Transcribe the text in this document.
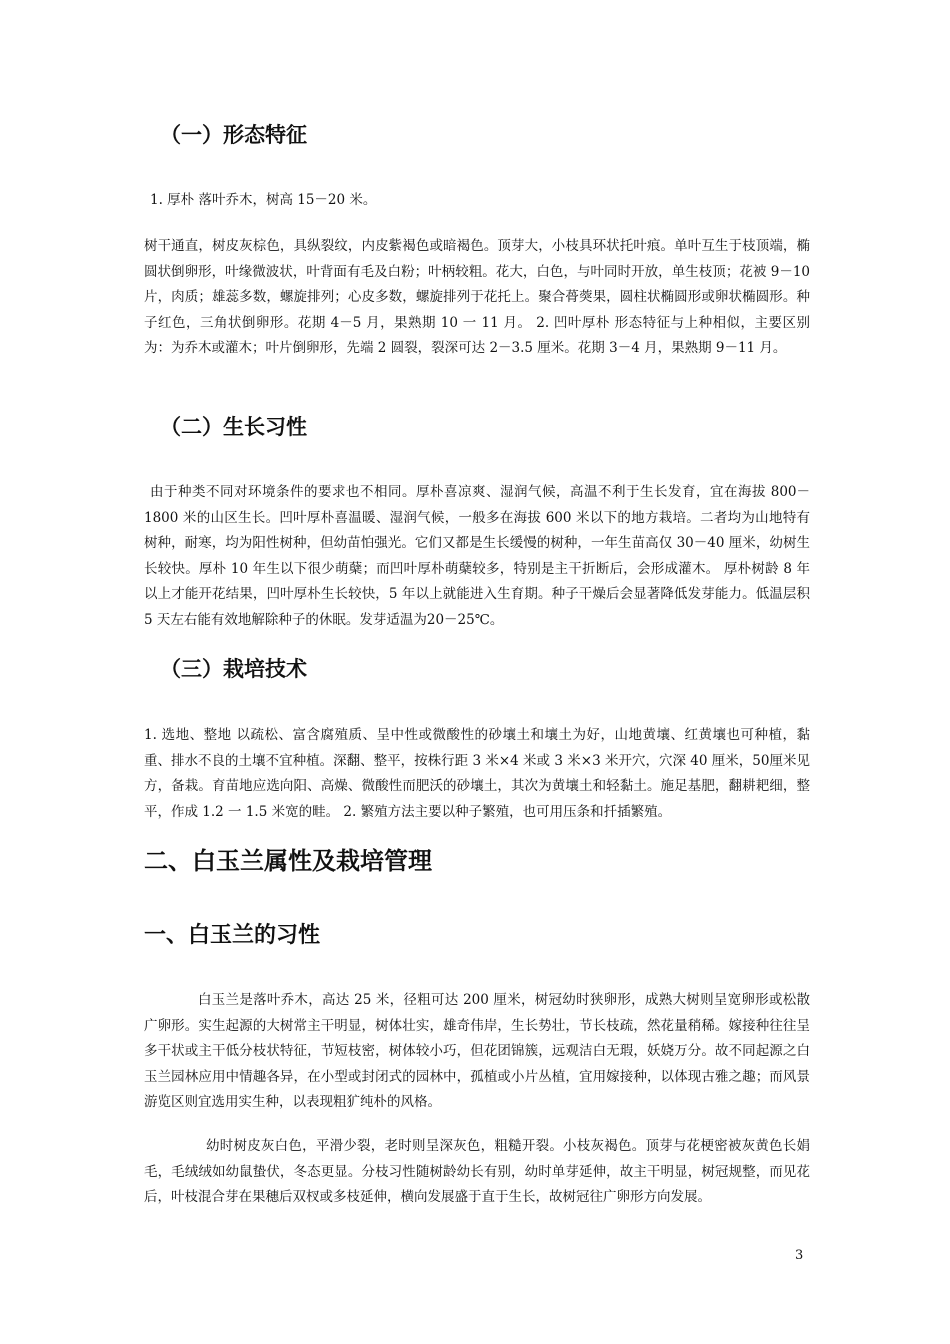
（一）形态特征

1. 厚朴 落叶乔木，树高 15－20 米。

树干通直，树皮灰棕色，具纵裂纹，内皮紫褐色或暗褐色。顶芽大，小枝具环状托叶痕。单叶互生于枝顶端，椭圆状倒卵形，叶缘微波状，叶背面有毛及白粉；叶柄较粗。花大，白色，与叶同时开放，单生枝顶；花被 9－10 片，肉质；雄蕊多数，螺旋排列；心皮多数，螺旋排列于花托上。聚合蓇葖果，圆柱状椭圆形或卵状椭圆形。种子红色，三角状倒卵形。花期 4－5 月，果熟期 10 一 11 月。 2. 凹叶厚朴 形态特征与上种相似，主要区别为：为乔木或灌木；叶片倒卵形，先端 2 圆裂，裂深可达 2－3.5 厘米。花期 3－4 月，果熟期 9－11 月。

（二）生长习性

由于种类不同对环境条件的要求也不相同。厚朴喜凉爽、湿润气候，高温不利于生长发育，宜在海拔 800－1800 米的山区生长。凹叶厚朴喜温暖、湿润气候，一般多在海拔 600 米以下的地方栽培。二者均为山地特有树种，耐寒，均为阳性树种，但幼苗怕强光。它们又都是生长缓慢的树种，一年生苗高仅 30－40 厘米，幼树生长较快。厚朴 10 年生以下很少萌蘖；而凹叶厚朴萌蘖较多，特别是主干折断后，会形成灌木。 厚朴树龄 8 年以上才能开花结果，凹叶厚朴生长较快，5 年以上就能进入生育期。种子干燥后会显著降低发芽能力。低温层积 5 天左右能有效地解除种子的休眠。发芽适温为20－25℃。

（三）栽培技术

1. 选地、整地 以疏松、富含腐殖质、呈中性或微酸性的砂壤土和壤土为好，山地黄壤、红黄壤也可种植，黏重、排水不良的土壤不宜种植。深翻、整平，按株行距 3 米×4 米或 3 米×3 米开穴，穴深 40 厘米，50厘米见方，备栽。育苗地应选向阳、高燥、微酸性而肥沃的砂壤土，其次为黄壤土和轻黏土。施足基肥，翻耕耙细，整平，作成 1.2 一 1.5 米宽的畦。 2. 繁殖方法主要以种子繁殖，也可用压条和扦插繁殖。

二、白玉兰属性及栽培管理
一、白玉兰的习性

白玉兰是落叶乔木，高达 25 米，径粗可达 200 厘米，树冠幼时狭卵形，成熟大树则呈宽卵形或松散广卵形。实生起源的大树常主干明显，树体壮实，雄奇伟岸，生长势壮，节长枝疏，然花量稍稀。嫁接种往往呈多干状或主干低分枝状特征，节短枝密，树体较小巧，但花团锦簇，远观洁白无瑕，妖娆万分。故不同起源之白玉兰园林应用中情趣各异，在小型或封闭式的园林中，孤植或小片丛植，宜用嫁接种，以体现古雅之趣；而风景游览区则宜选用实生种，以表现粗犷纯朴的风格。

幼时树皮灰白色，平滑少裂，老时则呈深灰色，粗糙开裂。小枝灰褐色。顶芽与花梗密被灰黄色长娟毛，毛绒绒如幼鼠蛰伏，冬态更显。分枝习性随树龄幼长有别，幼时单芽延伸，故主干明显，树冠规整，而见花后，叶枝混合芽在果穗后双杈或多枝延伸，横向发展盛于直于生长，故树冠往广卵形方向发展。

3
